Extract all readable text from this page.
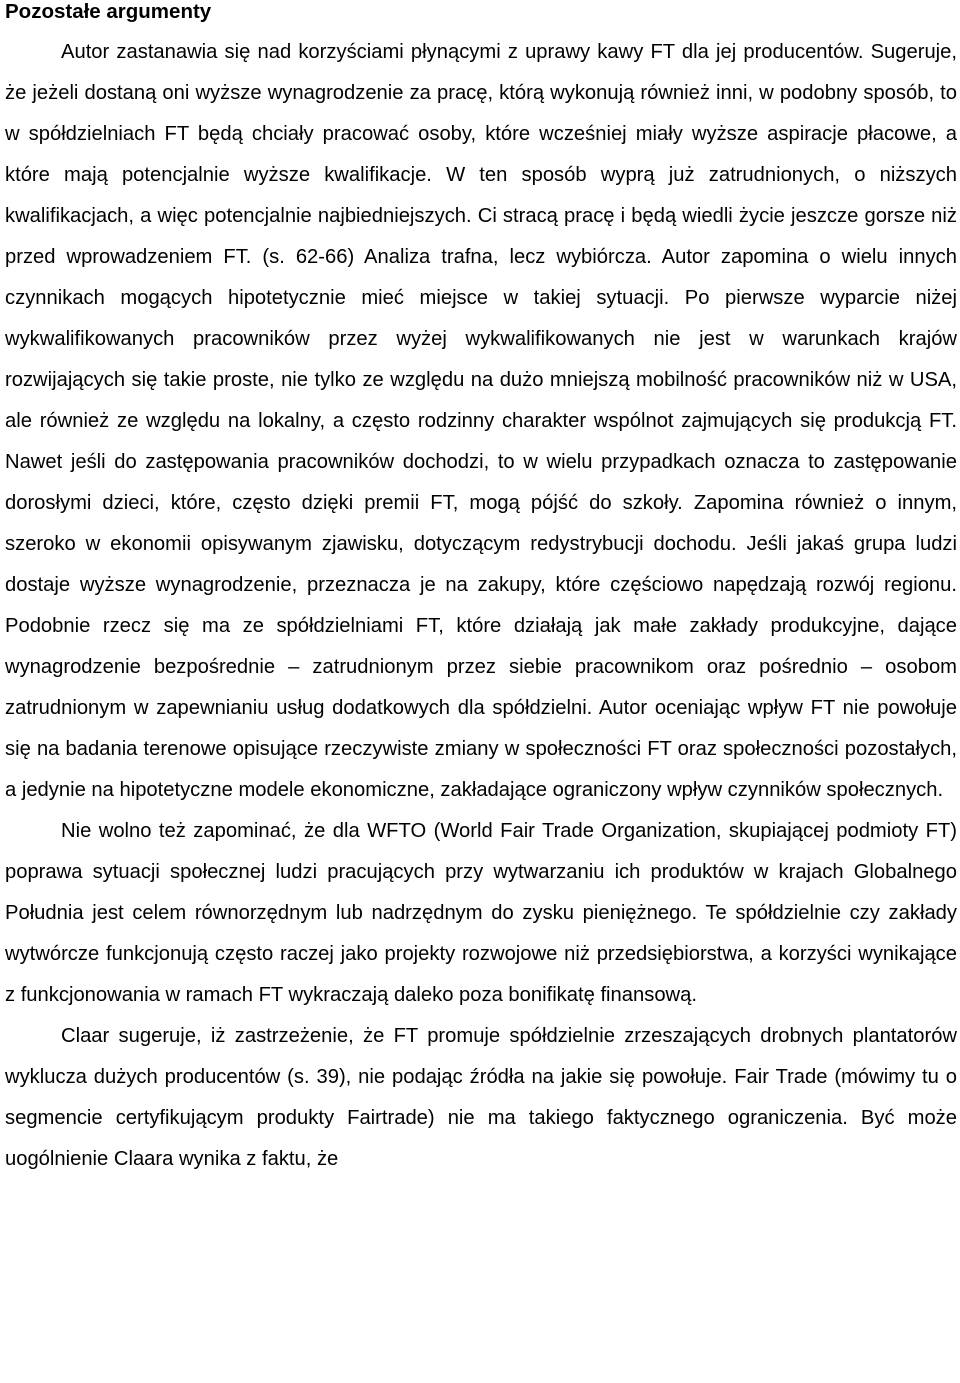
Pozostałe argumenty

Autor zastanawia się nad korzyściami płynącymi z uprawy kawy FT dla jej producentów. Sugeruje, że jeżeli dostaną oni wyższe wynagrodzenie za pracę, którą wykonują również inni, w podobny sposób, to w spółdzielniach FT będą chciały pracować osoby, które wcześniej miały wyższe aspiracje płacowe, a które mają potencjalnie wyższe kwalifikacje. W ten sposób wyprą już zatrudnionych, o niższych kwalifikacjach, a więc potencjalnie najbiedniejszych. Ci stracą pracę i będą wiedli życie jeszcze gorsze niż przed wprowadzeniem FT. (s. 62-66) Analiza trafna, lecz wybiórcza. Autor zapomina o wielu innych czynnikach mogących hipotetycznie mieć miejsce w takiej sytuacji. Po pierwsze wyparcie niżej wykwalifikowanych pracowników przez wyżej wykwalifikowanych nie jest w warunkach krajów rozwijających się takie proste, nie tylko ze względu na dużo mniejszą mobilność pracowników niż w USA, ale również ze względu na lokalny, a często rodzinny charakter wspólnot zajmujących się produkcją FT. Nawet jeśli do zastępowania pracowników dochodzi, to w wielu przypadkach oznacza to zastępowanie dorosłymi dzieci, które, często dzięki premii FT, mogą pójść do szkoły. Zapomina również o innym, szeroko w ekonomii opisywanym zjawisku, dotyczącym redystrybucji dochodu. Jeśli jakaś grupa ludzi dostaje wyższe wynagrodzenie, przeznacza je na zakupy, które częściowo napędzają rozwój regionu. Podobnie rzecz się ma ze spółdzielniami FT, które działają jak małe zakłady produkcyjne, dające wynagrodzenie bezpośrednie – zatrudnionym przez siebie pracownikom oraz pośrednio – osobom zatrudnionym w zapewnianiu usług dodatkowych dla spółdzielni. Autor oceniając wpływ FT nie powołuje się na badania terenowe opisujące rzeczywiste zmiany w społeczności FT oraz społeczności pozostałych, a jedynie na hipotetyczne modele ekonomiczne, zakładające ograniczony wpływ czynników społecznych.

Nie wolno też zapominać, że dla WFTO (World Fair Trade Organization, skupiającej podmioty FT) poprawa sytuacji społecznej ludzi pracujących przy wytwarzaniu ich produktów w krajach Globalnego Południa jest celem równorzędnym lub nadrzędnym do zysku pieniężnego. Te spółdzielnie czy zakłady wytwórcze funkcjonują często raczej jako projekty rozwojowe niż przedsiębiorstwa, a korzyści wynikające z funkcjonowania w ramach FT wykraczają daleko poza bonifikatę finansową.

Claar sugeruje, iż zastrzeżenie, że FT promuje spółdzielnie zrzeszających drobnych plantatorów wyklucza dużych producentów (s. 39), nie podając źródła na jakie się powołuje. Fair Trade (mówimy tu o segmencie certyfikującym produkty Fairtrade) nie ma takiego faktycznego ograniczenia. Być może uogólnienie Claara wynika z faktu, że
